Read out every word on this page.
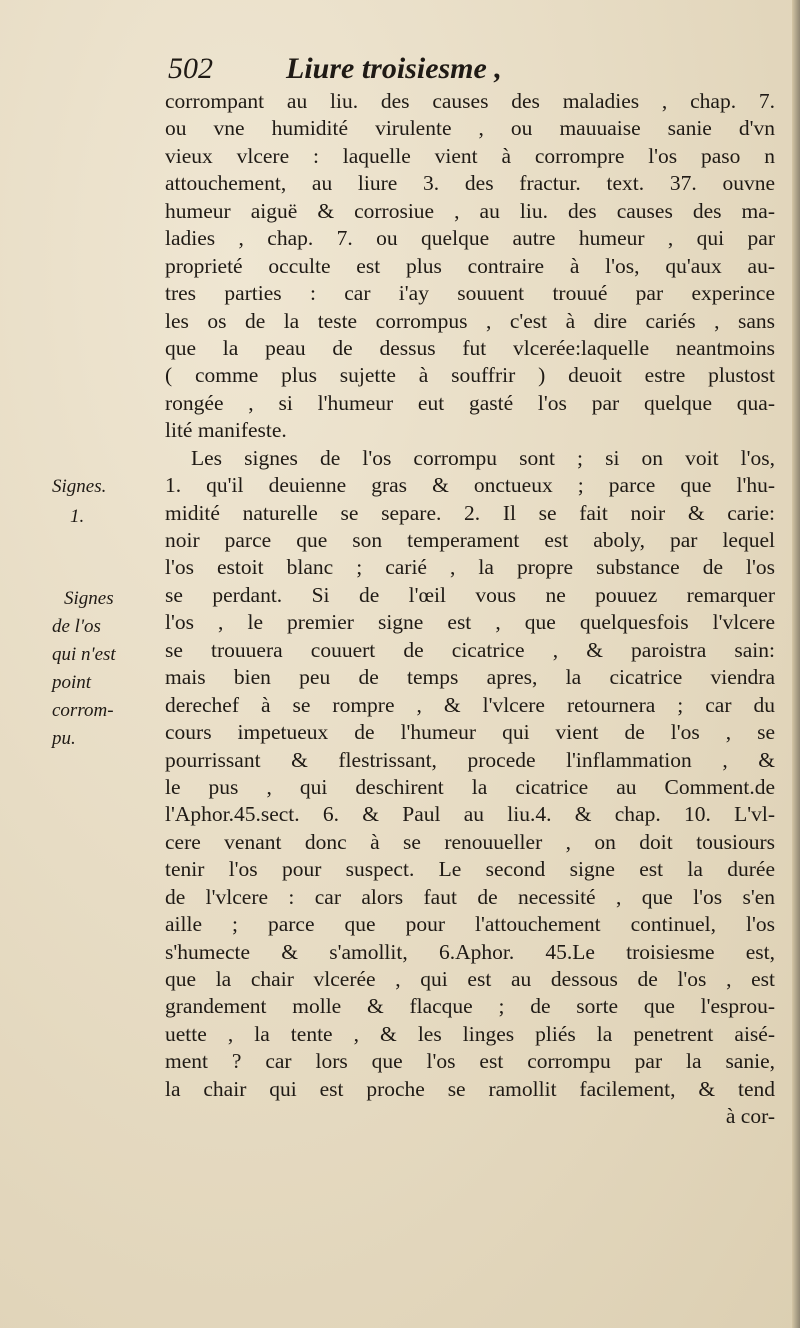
502 Liure troisiesme ,
corrompant au liu. des causes des maladies , chap. 7.
ou vne humidité virulente , ou mauuaise sanie d'vn
vieux vlcere : laquelle vient à corrompre l'os paso n
attouchement, au liure 3. des fractur. text. 37. ouvne
humeur aiguë & corrosiue , au liu. des causes des ma-
ladies , chap. 7. ou quelque autre humeur , qui par
proprieté occulte est plus contraire à l'os, qu'aux au-
tres parties : car i'ay souuent trouué par experince
les os de la teste corrompus , c'est à dire cariés , sans
que la peau de dessus fut vlcerée:laquelle neantmoins
( comme plus sujette à souffrir ) deuoit estre plustost
rongée , si l'humeur eut gasté l'os par quelque qua-
lité manifeste.
Les signes de l'os corrompu sont ; si on voit l'os,
1. qu'il deuienne gras & onctueux ; parce que l'hu-
midité naturelle se separe. 2. Il se fait noir & carie:
noir parce que son temperament est aboly, par lequel
l'os estoit blanc ; carié , la propre substance de l'os
se perdant. Si de l'œil vous ne pouuez remarquer
l'os , le premier signe est , que quelquesfois l'vlcere
se trouuera couuert de cicatrice , & paroistra sain:
mais bien peu de temps apres, la cicatrice viendra
derechef à se rompre , & l'vlcere retournera ; car du
cours impetueux de l'humeur qui vient de l'os , se
pourrissant & flestrissant, procede l'inflammation , &
le pus , qui deschirent la cicatrice au Comment.de
l'Aphor.45.sect. 6. & Paul au liu.4. & chap. 10. L'vl-
cere venant donc à se renouueller , on doit tousiours
tenir l'os pour suspect. Le second signe est la durée
de l'vlcere : car alors faut de necessité , que l'os s'en
aille ; parce que pour l'attouchement continuel, l'os
s'humecte & s'amollit, 6.Aphor. 45.Le troisiesme est,
que la chair vlcerée , qui est au dessous de l'os , est
grandement molle & flacque ; de sorte que l'esprou-
uette , la tente , & les linges pliés la penetrent aisé-
ment ? car lors que l'os est corrompu par la sanie,
la chair qui est proche se ramollit facilement, & tend
à cor-
Signes.
1.
Signes
de l'os
qui n'est
point
corrom-
pu.
